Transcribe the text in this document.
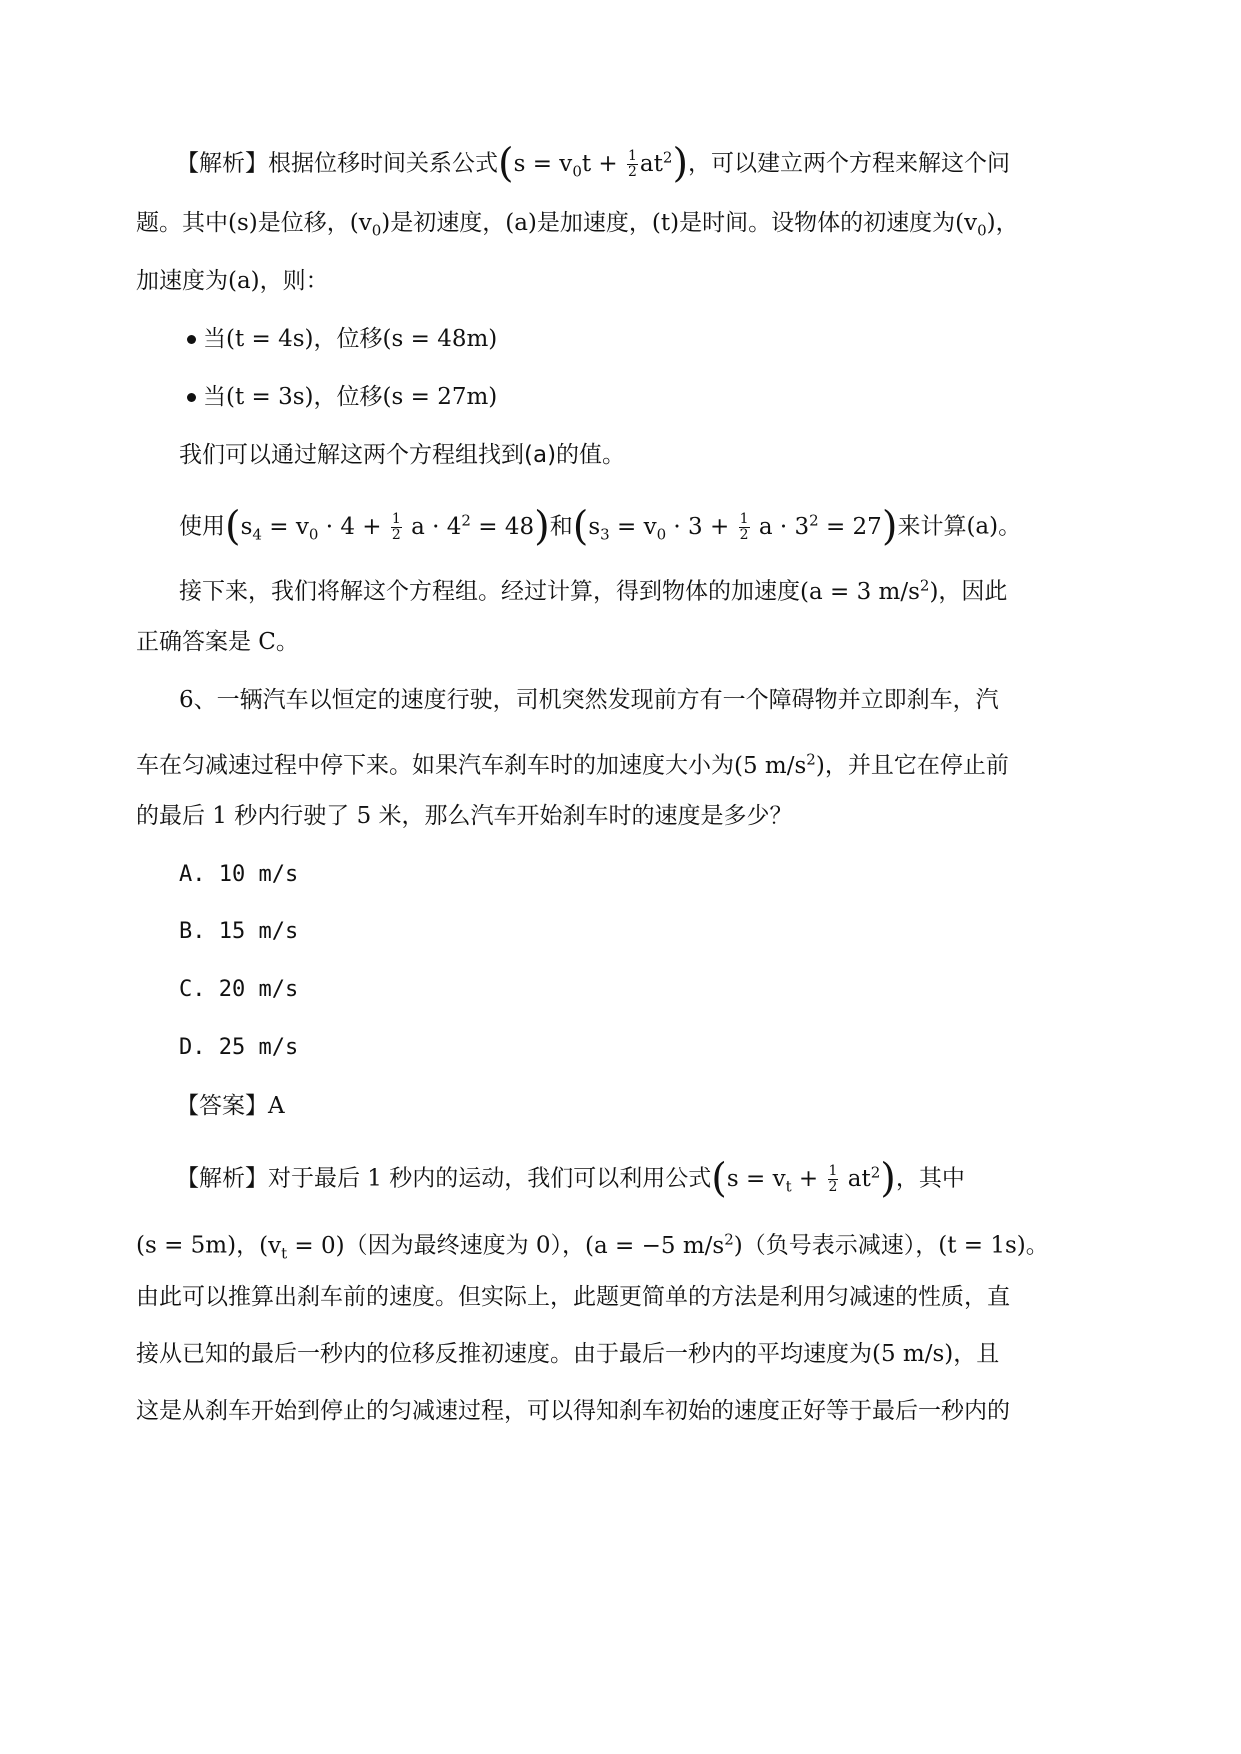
【解析】根据位移时间关系公式$(s = v_0t + \frac{1}{2} at^2)$，可以建立两个方程来解这个问
题。其中(s)是位移，$(v_0)$是初速度，(a)是加速度，(t)是时间。设物体的初速度为$(v_0)$，
加速度为(a)，则：
当(t = 4s)，位移(s = 48m)
当(t = 3s)，位移(s = 27m)
我们可以通过解这两个方程组找到(a)的值。
使用($s_4 = v_0 \cdot 4 + \frac{1}{2}$ $a \cdot 4^2 = 48$)和($s_3 = v_0 \cdot 3 + \frac{1}{2}$ $a \cdot 3^2 = 27$)来计算(a)。
接下来，我们将解这个方程组。经过计算，得到物体的加速度(a = 3 $m/s^2$)，因此
正确答案是 C。
6、一辆汽车以恒定的速度行驶，司机突然发现前方有一个障碍物并立即刹车，汽
车在匀减速过程中停下来。如果汽车刹车时的加速度大小为(5 $m/s^2$)，并且它在停止前
的最后 1 秒内行驶了 5 米，那么汽车开始刹车时的速度是多少？
A. 10 m/s
B. 15 m/s
C. 20 m/s
D. 25 m/s
【答案】A
【解析】对于最后 1 秒内的运动，我们可以利用公式$(s = v_t + \frac{1}{2} at^2)$，其中
(s = 5m)，$(v_t = 0)$（因为最终速度为 0），(a = −5 $m/s^2$)（负号表示减速），(t = 1s)。
由此可以推算出刹车前的速度。但实际上，此题更简单的方法是利用匀减速的性质，直
接从已知的最后一秒内的位移反推初速度。由于最后一秒内的平均速度为(5 m/s)，且
这是从刹车开始到停止的匀减速过程，可以得知刹车初始的速度正好等于最后一秒内的
